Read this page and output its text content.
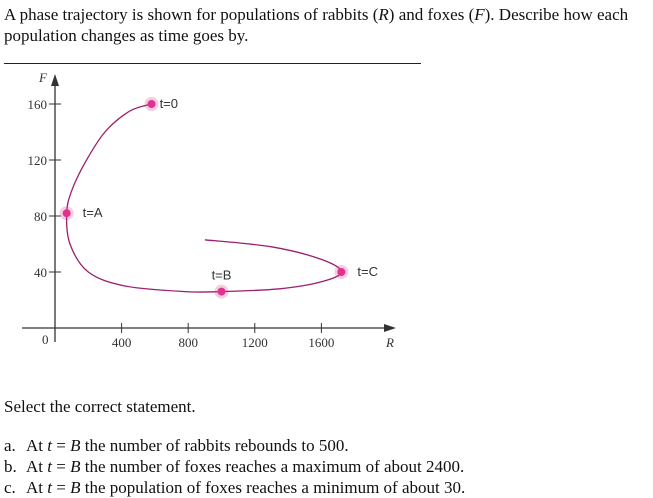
A phase trajectory is shown for populations of rabbits (R) and foxes (F). Describe how each population changes as time goes by.
R
F
0	400	800	1200	1600
40
80
120
160	t=0
t=A
t=B	t=C
Select the correct statement.
a. At t = B the number of rabbits rebounds to 500.
b. At t = B the number of foxes reaches a maximum of about 2400.
c. At t = B the population of foxes reaches a minimum of about 30.
